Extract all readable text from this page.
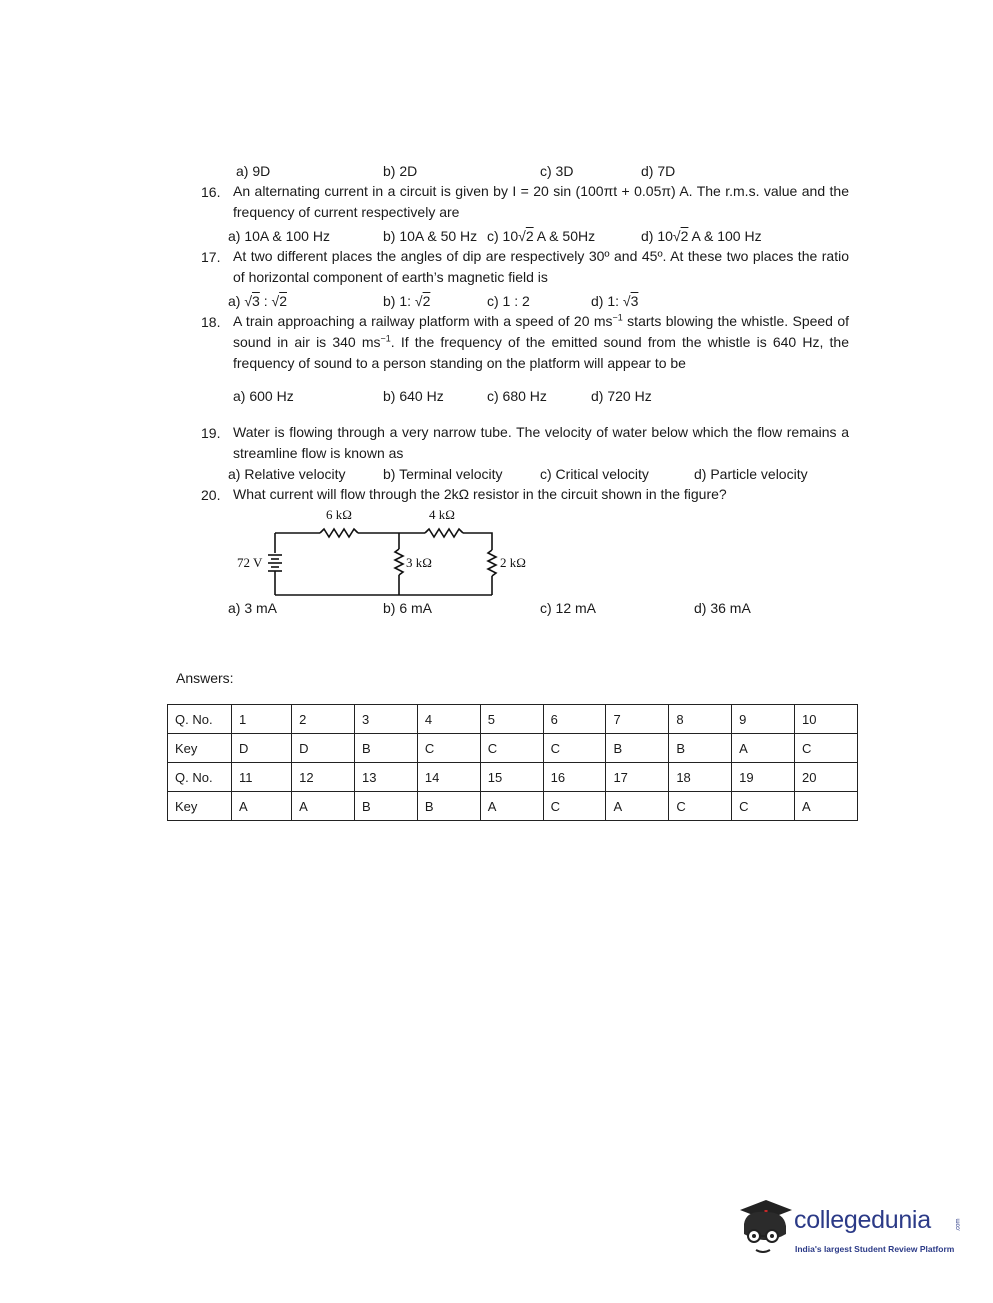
a) 9D	b) 2D	c) 3D	d) 7D
16. An alternating current in a circuit is given by I = 20 sin (100πt + 0.05π) A. The r.m.s. value and the frequency of current respectively are
a) 10A & 100 Hz	b) 10A & 50 Hz c) 10√2 A & 50Hz	d) 10√2 A & 100 Hz
17. At two different places the angles of dip are respectively 30º and 45º. At these two places the ratio of horizontal component of earth’s magnetic field is
a) √3 : √2	b) 1: √2	c) 1 : 2	d) 1: √3
18. A train approaching a railway platform with a speed of 20 $ms^{-1}$ starts blowing the whistle. Speed of sound in air is 340 $ms^{-1}$. If the frequency of the emitted sound from the whistle is 640 Hz, the frequency of sound to a person standing on the platform will appear to be
a) 600 Hz	b) 640 Hz	c) 680 Hz	d) 720 Hz
19. Water is flowing through a very narrow tube. The velocity of water below which the flow remains a streamline flow is known as
a) Relative velocity	b) Terminal velocity	c) Critical velocity	d) Particle velocity
20. What current will flow through the 2kΩ resistor in the circuit shown in the figure?
6 kΩ	4 kΩ
3 kΩ	2 kΩ
72 V
a) 3 mA	b) 6 mA	c) 12 mA	d) 36 mA
Answers:
Q. No.	1	2	3	4	5	6	7	8	9	10
Key	D	D	B	C	C	C	B	B	A	C
Q. No.	11	12	13	14	15	16	17	18	19	20
Key	A	A	B	B	A	C	A	C	C	A
collegedunia	.com
India's largest Student Review Platform
